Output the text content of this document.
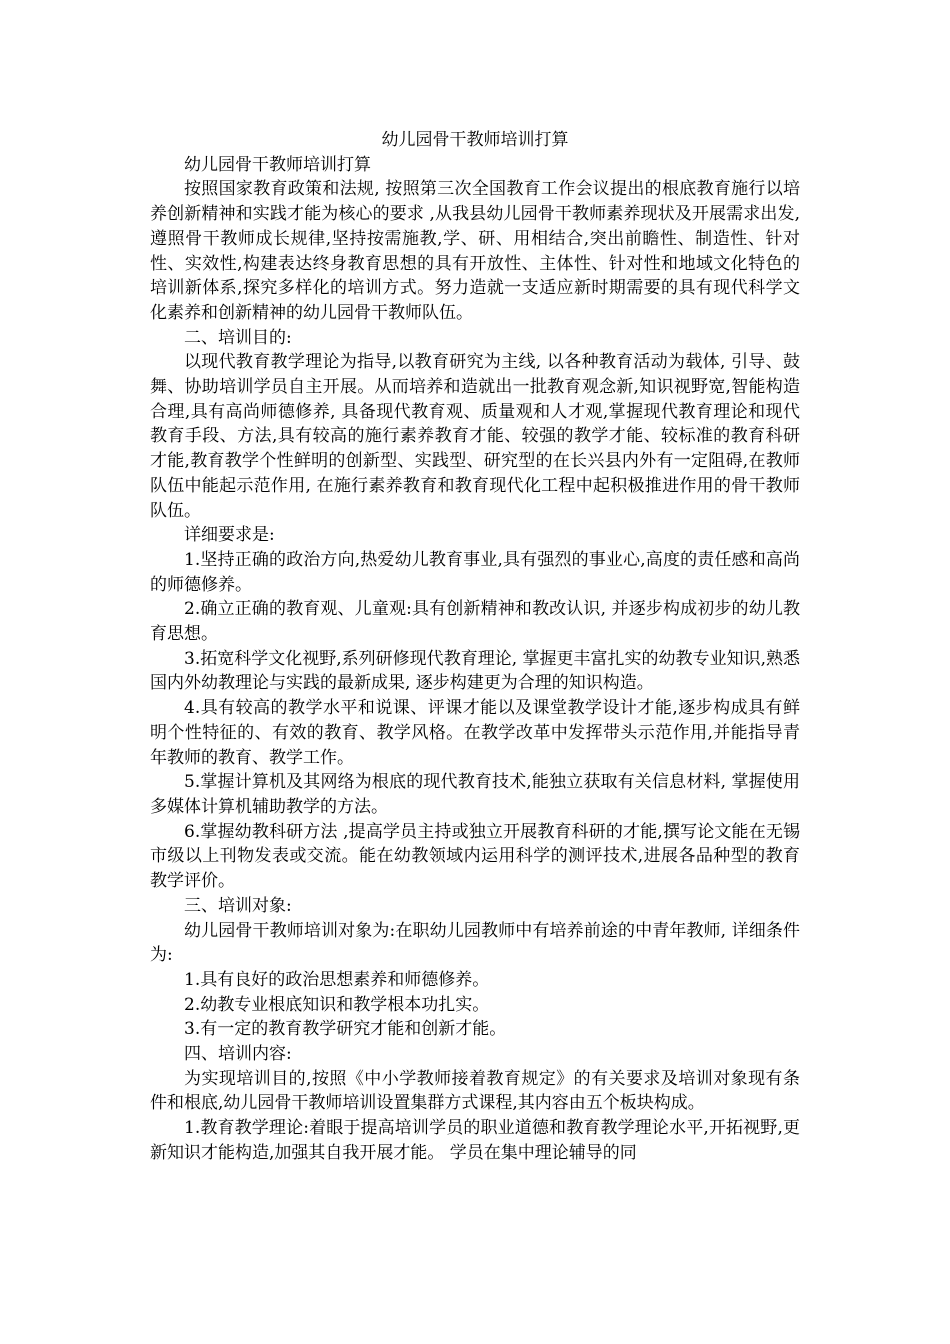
幼儿园骨干教师培训打算

幼儿园骨干教师培训打算

按照国家教育政策和法规, 按照第三次全国教育工作会议提出的根底教育施行以培养创新精神和实践才能为核心的要求 ,从我县幼儿园骨干教师素养现状及开展需求出发,遵照骨干教师成长规律,坚持按需施教,学、研、用相结合,突出前瞻性、制造性、针对性、实效性,构建表达终身教育思想的具有开放性、主体性、针对性和地域文化特色的培训新体系,探究多样化的培训方式。努力造就一支适应新时期需要的具有现代科学文化素养和创新精神的幼儿园骨干教师队伍。

二、培训目的:

以现代教育教学理论为指导,以教育研究为主线, 以各种教育活动为载体, 引导、鼓舞、协助培训学员自主开展。从而培养和造就出一批教育观念新,知识视野宽,智能构造合理,具有高尚师德修养, 具备现代教育观、质量观和人才观,掌握现代教育理论和现代教育手段、方法,具有较高的施行素养教育才能、较强的教学才能、较标准的教育科研才能,教育教学个性鲜明的创新型、实践型、研究型的在长兴县内外有一定阻碍,在教师队伍中能起示范作用, 在施行素养教育和教育现代化工程中起积极推进作用的骨干教师队伍。

详细要求是:

1.坚持正确的政治方向,热爱幼儿教育事业,具有强烈的事业心,高度的责任感和高尚的师德修养。

2.确立正确的教育观、儿童观:具有创新精神和教改认识, 并逐步构成初步的幼儿教育思想。

3.拓宽科学文化视野,系列研修现代教育理论, 掌握更丰富扎实的幼教专业知识,熟悉国内外幼教理论与实践的最新成果, 逐步构建更为合理的知识构造。

4.具有较高的教学水平和说课、评课才能以及课堂教学设计才能,逐步构成具有鲜明个性特征的、有效的教育、教学风格。在教学改革中发挥带头示范作用,并能指导青年教师的教育、教学工作。

5.掌握计算机及其网络为根底的现代教育技术,能独立获取有关信息材料, 掌握使用多媒体计算机辅助教学的方法。

6.掌握幼教科研方法 ,提高学员主持或独立开展教育科研的才能,撰写论文能在无锡市级以上刊物发表或交流。能在幼教领域内运用科学的测评技术,进展各品种型的教育教学评价。

三、培训对象:

幼儿园骨干教师培训对象为:在职幼儿园教师中有培养前途的中青年教师, 详细条件为:

1.具有良好的政治思想素养和师德修养。

2.幼教专业根底知识和教学根本功扎实。

3.有一定的教育教学研究才能和创新才能。

四、培训内容:

为实现培训目的,按照《中小学教师接着教育规定》的有关要求及培训对象现有条件和根底,幼儿园骨干教师培训设置集群方式课程,其内容由五个板块构成。

1.教育教学理论:着眼于提高培训学员的职业道德和教育教学理论水平,开拓视野,更新知识才能构造,加强其自我开展才能。 学员在集中理论辅导的同
